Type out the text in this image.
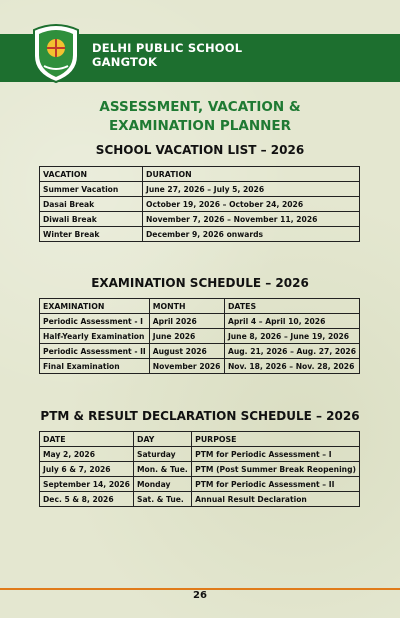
DELHI PUBLIC SCHOOL
GANGTOK
ASSESSMENT, VACATION &
EXAMINATION PLANNER
SCHOOL VACATION LIST – 2026
VACATION	DURATION
Summer Vacation	June 27, 2026 – July 5, 2026
Dasai Break	October 19, 2026 – October 24, 2026
Diwali Break	November 7, 2026 – November 11, 2026
Winter Break	December 9, 2026 onwards
EXAMINATION SCHEDULE – 2026
EXAMINATION	MONTH	DATES
Periodic Assessment - I	April 2026	April 4 – April 10, 2026
Half-Yearly Examination	June 2026	June 8, 2026 – June 19, 2026
Periodic Assessment - II	August 2026	Aug. 21, 2026 – Aug. 27, 2026
Final Examination	November 2026	Nov. 18, 2026 – Nov. 28, 2026
PTM & RESULT DECLARATION SCHEDULE – 2026
DATE	DAY	PURPOSE
May 2, 2026	Saturday	PTM for Periodic Assessment – I
July 6 & 7, 2026	Mon. & Tue.	PTM (Post Summer Break Reopening)
September 14, 2026	Monday	PTM for Periodic Assessment – II
Dec. 5 & 8, 2026	Sat. & Tue.	Annual Result Declaration
26
